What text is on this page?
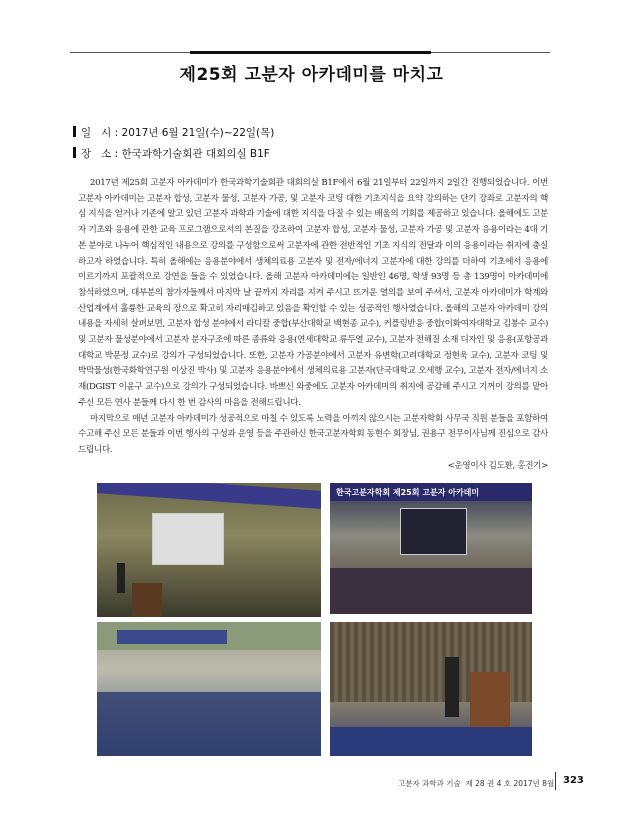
제25회 고분자 아카데미를 마치고
일   시 : 2017년 6월 21일(수)~22일(목)
장   소 : 한국과학기술회관 대회의실 B1F

2017년 제25회 고분자 아카데미가 한국과학기술회관 대회의실 B1F에서 6월 21일부터 22일까지 2일간 진행되었습니다. 이번 고분자 아카데미는 고분자 합성, 고분자 물성, 고분자 가공, 및 고분자 코팅 대한 기초지식을 요약 강의하는 단기 강좌로 고분자의 핵심 지식을 얻거나 기존에 알고 있던 고분자 과학과 기술에 대한 지식을 다질 수 있는 배움의 기회를 제공하고 있습니다. 올해에도 고분자 기초와 응용에 관한 교육 프로그램으로서의 본질을 강조하여 고분자 합성, 고분자 물성, 고분자 가공 및 고분자 응용이라는 4대 기본 분야로 나누어 핵심적인 내용으로 강의를 구성함으로써 고분자에 관한 전반적인 기초 지식의 전달과 이의 응용이라는 취지에 충실하고자 하였습니다. 특히 올해에는 응용분야에서 생체의료용 고분자 및 전자/에너지 고분자에 대한 강의를 더하여 기초에서 응용에 이르기까지 포괄적으로 강연을 들을 수 있었습니다. 올해 고분자 아카데미에는 일반인 46명, 학생 93명 등 총 139명이 아카데미에 참석하였으며, 대부분의 참가자들께서 마지막 날 끝까지 자리를 지켜 주시고 뜨거운 열의를 보여 주셔서, 고분자 아카데미가 학계와 산업계에서 훌륭한 교육의 장으로 확고히 자리매김하고 있음을 확인할 수 있는 성공적인 행사였습니다. 올해의 고분자 아카데미 강의 내용을 자세히 살펴보면, 고분자 합성 분야에서 라디칼 중합(부산대학교 백현종 교수), 커플링반응 중합(이화여자대학교 김봉수 교수) 및 고분자 물성분야에서 고분자 분자구조에 따른 종류와 응용(연세대학교 류두열 교수), 고분자 전해질 소재 디자인 및 응용(포항공과대학교 박문정 교수)로 강의가 구성되었습니다. 또한, 고분자 가공분야에서 고분자 유변학(고려대학교 정현욱 교수), 고분자 코팅 및 박막물성(한국화학연구원 이상진 박사) 및 고분자 응용분야에서 생체의료용 고분자(단국대학교 오세행 교수), 고분자 전자/에너지 소재(DGIST 이윤구 교수)으로 강의가 구성되었습니다. 바쁘신 와중에도 고분자 아카데미의 취지에 공감해 주시고 기꺼이 강의를 맡아주신 모든 연사 분들께 다시 한 번 감사의 마음을 전해드립니다.

마지막으로 매년 고분자 아카데미가 성공적으로 마칠 수 있도록 노력을 아끼지 않으시는 고분자학회 사무국 직원 분들을 포함하여 수고해 주신 모든 분들과 이번 행사의 구성과 운영 등을 주관하신 한국고분자학회 동현수 회장님, 권용구 전무이사님께 진심으로 감사드립니다.

<운영이사 김도환, 홍진기>
한국고분자학회 제25회 고분자 아카데미
고분자 과학과 기술  제 28 권 4 호 2017년 8월 323
